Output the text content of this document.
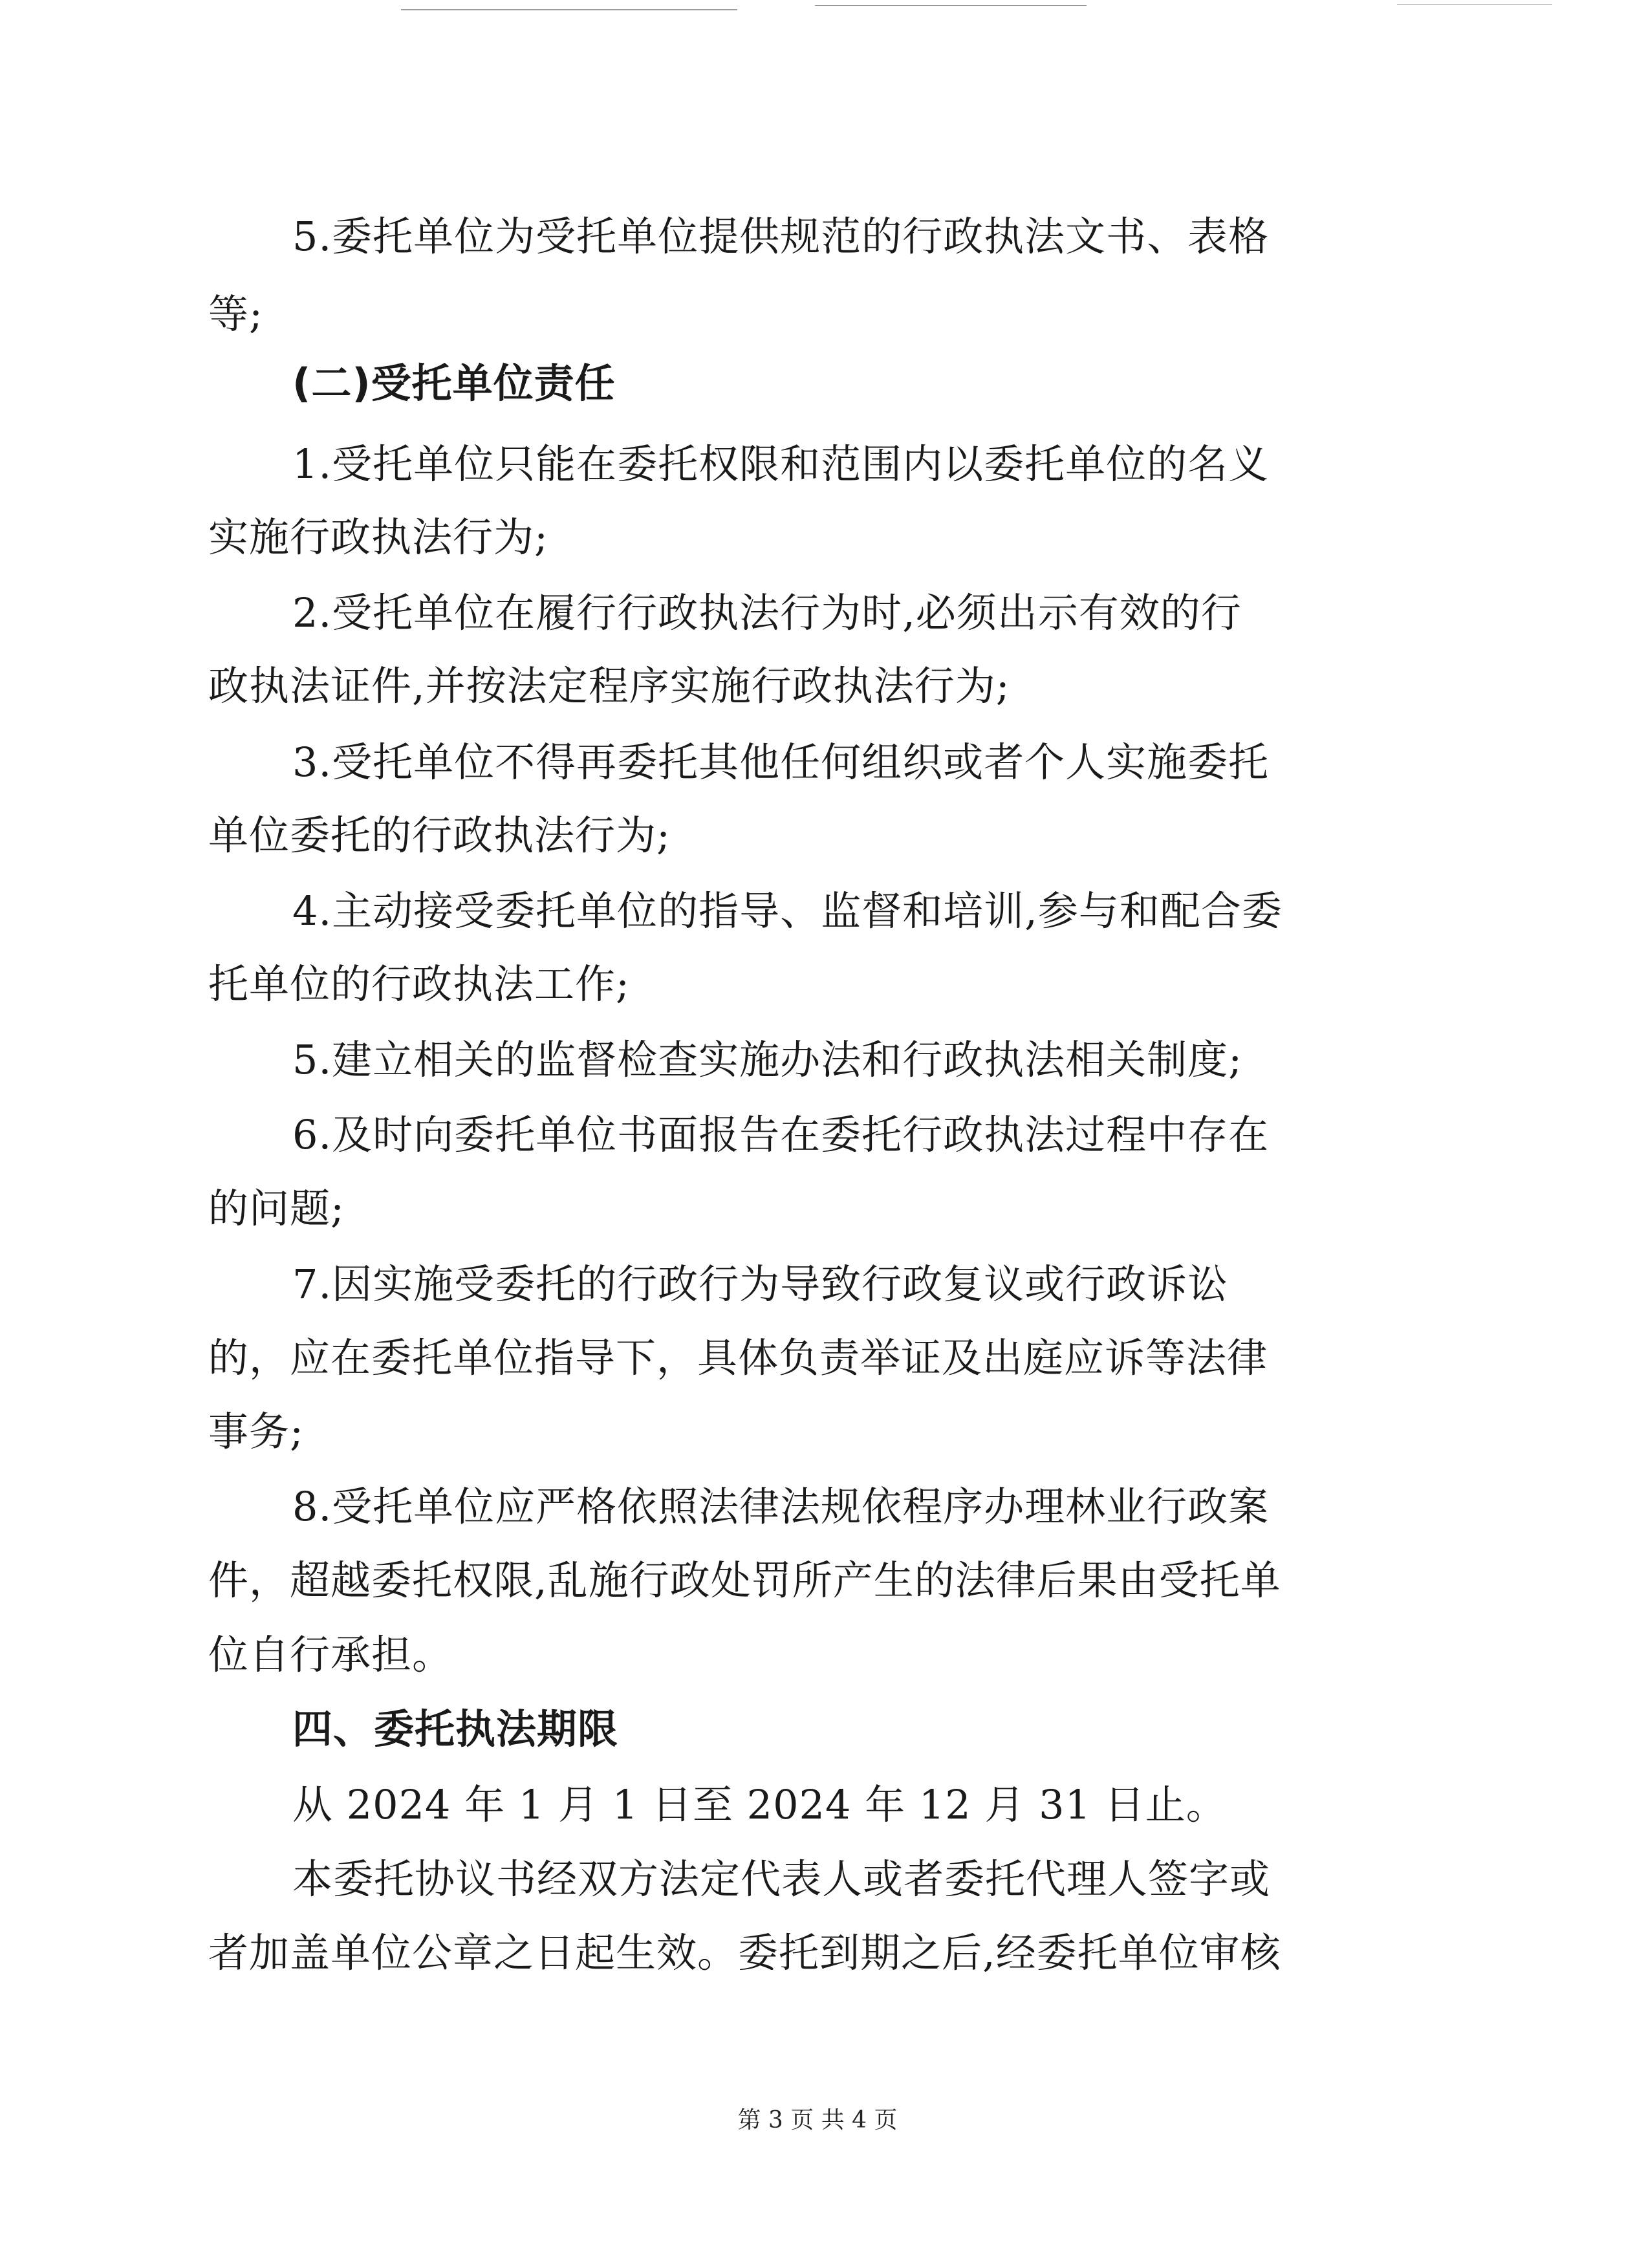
5.委托单位为受托单位提供规范的行政执法文书、表格
等;
(二)受托单位责任
1.受托单位只能在委托权限和范围内以委托单位的名义
实施行政执法行为;
2.受托单位在履行行政执法行为时,必须出示有效的行
政执法证件,并按法定程序实施行政执法行为;
3.受托单位不得再委托其他任何组织或者个人实施委托
单位委托的行政执法行为;
4.主动接受委托单位的指导、监督和培训,参与和配合委
托单位的行政执法工作;
5.建立相关的监督检查实施办法和行政执法相关制度;
6.及时向委托单位书面报告在委托行政执法过程中存在
的问题;
7.因实施受委托的行政行为导致行政复议或行政诉讼
的，应在委托单位指导下，具体负责举证及出庭应诉等法律
事务;
8.受托单位应严格依照法律法规依程序办理林业行政案
件，超越委托权限,乱施行政处罚所产生的法律后果由受托单
位自行承担。
四、委托执法期限
从 2024 年 1 月 1 日至 2024 年 12 月 31 日止。
本委托协议书经双方法定代表人或者委托代理人签字或
者加盖单位公章之日起生效。委托到期之后,经委托单位审核
第 3 页 共 4 页
